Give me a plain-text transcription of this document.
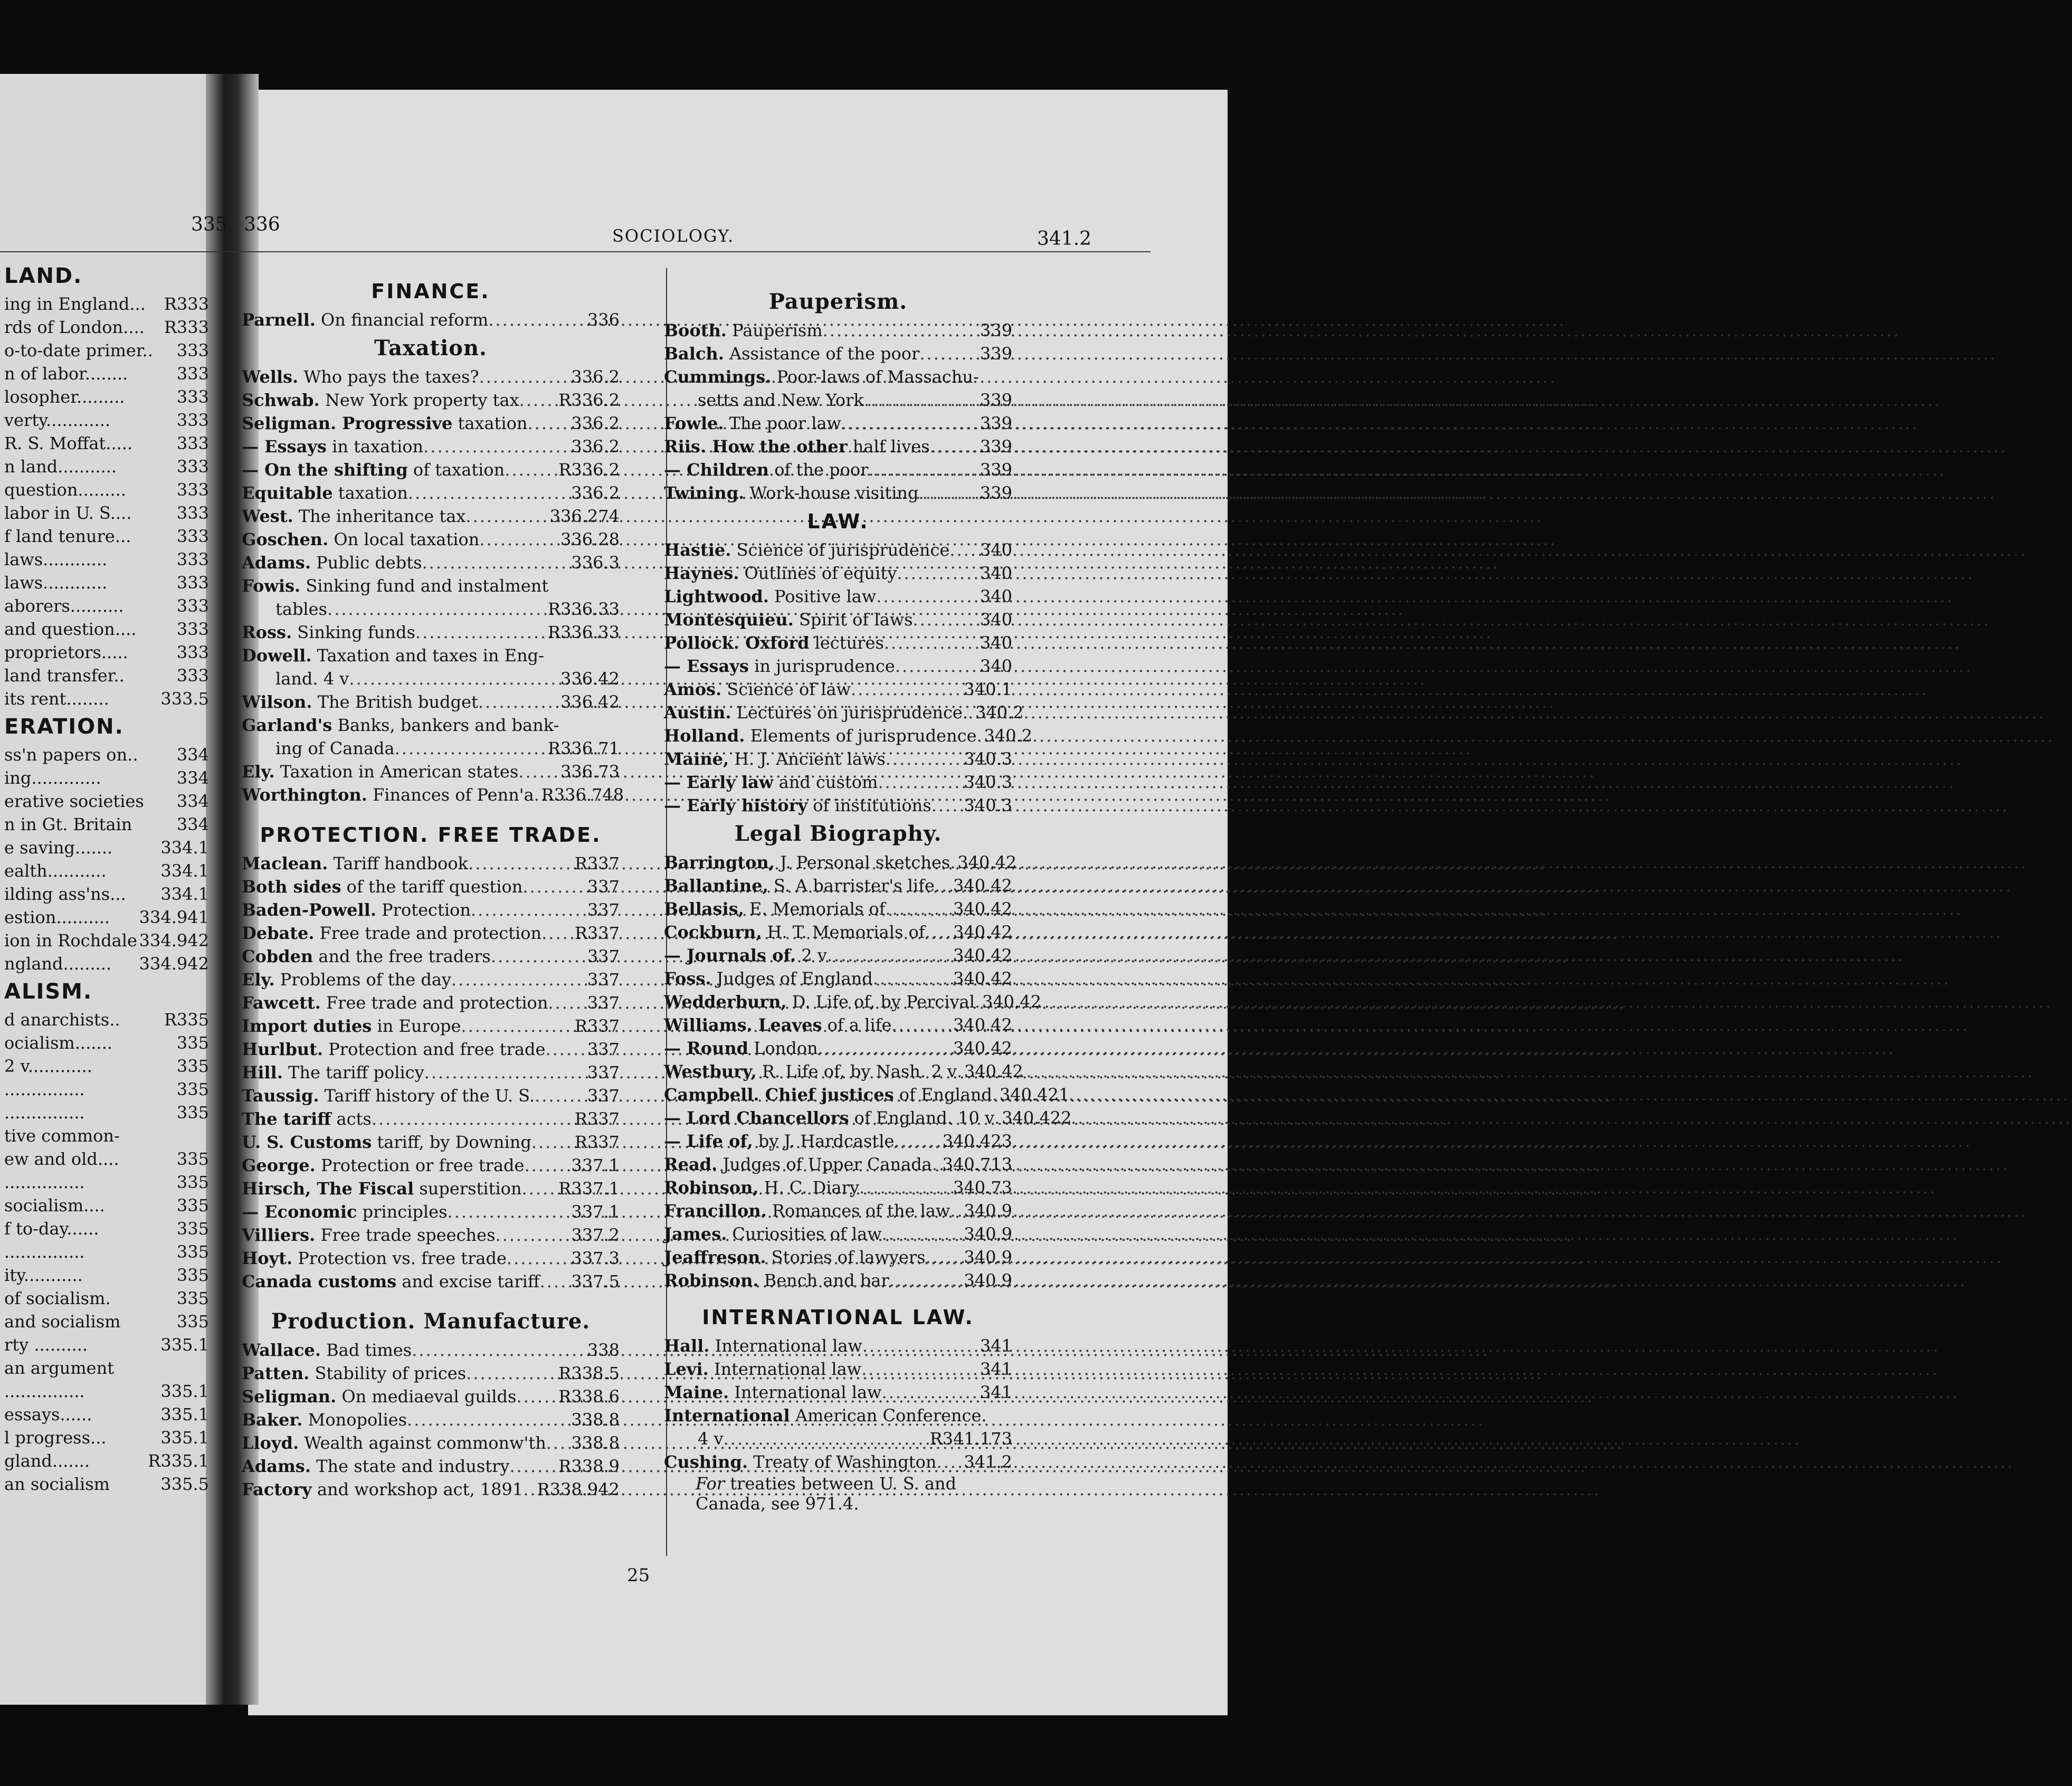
335 336
SOCIOLOGY.	341.2
LAND.
ing in England... R333
rds of London.... R333
o-to-date primer.. 333
n of labor........	333
losopher.........	333
verty............	333
R. S. Moffat.....	333
n land...........	333
question.........	333
labor in U. S....	333
f land tenure...	333
laws............	333
laws............	333
aborers..........	333
and question.... 333
proprietors.....	333
land transfer..	333
its rent........	333.5
ERATION.
ss'n papers on.. 334
ing.............	334
erative societies 334
n in Gt. Britain	334
e saving.......	334.1
ealth...........	334.1
ilding ass'ns... 334.1
estion.......... 334.941
ion in Rochdale 334.942
ngland......... 334.942
ALISM.
d anarchists..	R335
ocialism.......	335
2 v............	335
...............	335
...............	335
tive common-
ew and old....	335
...............	335
socialism....	335
f to-day......	335
...............	335
ity...........	335
of socialism.	335
and socialism	335
rty ..........	335.1
an argument
...............	335.1
essays......	335.1
l progress...	335.1
gland.......	R335.1
an socialism	335.5
FINANCE.
Parnell. On financial reform .....	336
Taxation.
Wells. Who pays the taxes? .....	336.2
Schwab. New York property tax ..... R336.2
Seligman. Progressive taxation .....	336.2
— Essays in taxation .....	336.2
— On the shifting of taxation .....	R336.2
Equitable taxation .....	336.2
West. The inheritance tax .....	336.274
Goschen. On local taxation .....	336.28
Adams. Public debts .....	336.3
Fowis. Sinking fund and instalment
tables .....	R336.33
Ross. Sinking funds .....	R336.33
Dowell. Taxation and taxes in Eng-
land. 4 v .....	336.42
Wilson. The British budget .....	336.42
Garland's Banks, bankers and bank-
ing of Canada .....	R336.71
Ely. Taxation in American states ..... 336.73
Worthington. Finances of Penn'a ..... R336.748
PROTECTION. FREE TRADE.
Maclean. Tariff handbook .....	R337
Both sides of the tariff question .....	337
Baden-Powell. Protection .....	337
Debate. Free trade and protection ..... R337
Cobden and the free traders .....	337
Ely. Problems of the day .....	337
Fawcett. Free trade and protection ..... 337
Import duties in Europe .....	R337
Hurlbut. Protection and free trade ..... 337
Hill. The tariff policy .....	337
Taussig. Tariff history of the U. S. .....	337
The tariff acts .....	R337
U. S. Customs tariff, by Downing .....	R337
George. Protection or free trade .....	337.1
Hirsch, The Fiscal superstition ..... R337.1
— Economic principles .....	337.1
Villiers. Free trade speeches .....	337.2
Hoyt. Protection vs. free trade .....	337.3
Canada customs and excise tariff ..... 337.5
Production. Manufacture.
Wallace. Bad times .....	338
Patten. Stability of prices .....	R338.5
Seligman. On mediaeval guilds ..... R338.6
Baker. Monopolies .....	338.8
Lloyd. Wealth against commonw'th ..... 338.8
Adams. The state and industry .....	R338.9
Factory and workshop act, 1891 ..... R338.942
Pauperism.
Booth. Pauperism .....	339
Balch. Assistance of the poor .....	339
Cummings. Poor-laws of Massachu-
setts and New York .....	339
Fowle. The poor law .....	339
Riis. How the other half lives .....	339
— Children of the poor .....	339
Twining. Work-house visiting .....	339
LAW.
Hastie. Science of jurisprudence ..... 340
Haynes. Outlines of equity .....	340
Lightwood. Positive law .....	340
Montesquieu. Spirit of laws .....	340
Pollock. Oxford lectures .....	340
— Essays in jurisprudence .....	340
Amos. Science of law .....	340.1
Austin. Lectures on jurisprudence. ..... 340.2
Holland. Elements of jurisprudence ..... 340.2
Maine, H. J. Ancient laws .....	340.3
— Early law and custom .....	340.3
— Early history of institutions ..... 340.3
Legal Biography.
Barrington, J. Personal sketches ..... 340.42
Ballantine, S. A barrister's life ..... 340.42
Bellasis, E. Memorials of .....	340.42
Cockburn, H. T. Memorials of ..... 340.42
— Journals of. 2 v .....	340.42
Foss. Judges of England .....	340.42
Wedderburn, D. Life of, by Percival ..... 340.42
Williams. Leaves of a life .....	340.42
— Round London .....	340.42
Westbury, R. Life of, by Nash. 2 v ..... 340.42
Campbell. Chief justices of England ..... 340.421
— Lord Chancellors of England. 10 v ..... 340.422
— Life of, by J. Hardcastle .....	340.423
Read. Judges of Upper Canada ..... 340.713
Robinson, H. C. Diary .....	340.73
Francillon. Romances of the law ..... 340.9
James. Curiosities of law .....	340.9
Jeaffreson. Stories of lawyers ..... 340.9
Robinson. Bench and bar .....	340.9
INTERNATIONAL LAW.
Hall. International law .....	341
Levi. International law .....	341
Maine. International law .....	341
International American Conference.
4 v .....	R341.173
Cushing. Treaty of Washington ..... 341.2
For treaties between U. S. and Canada, see 971.4.
25
